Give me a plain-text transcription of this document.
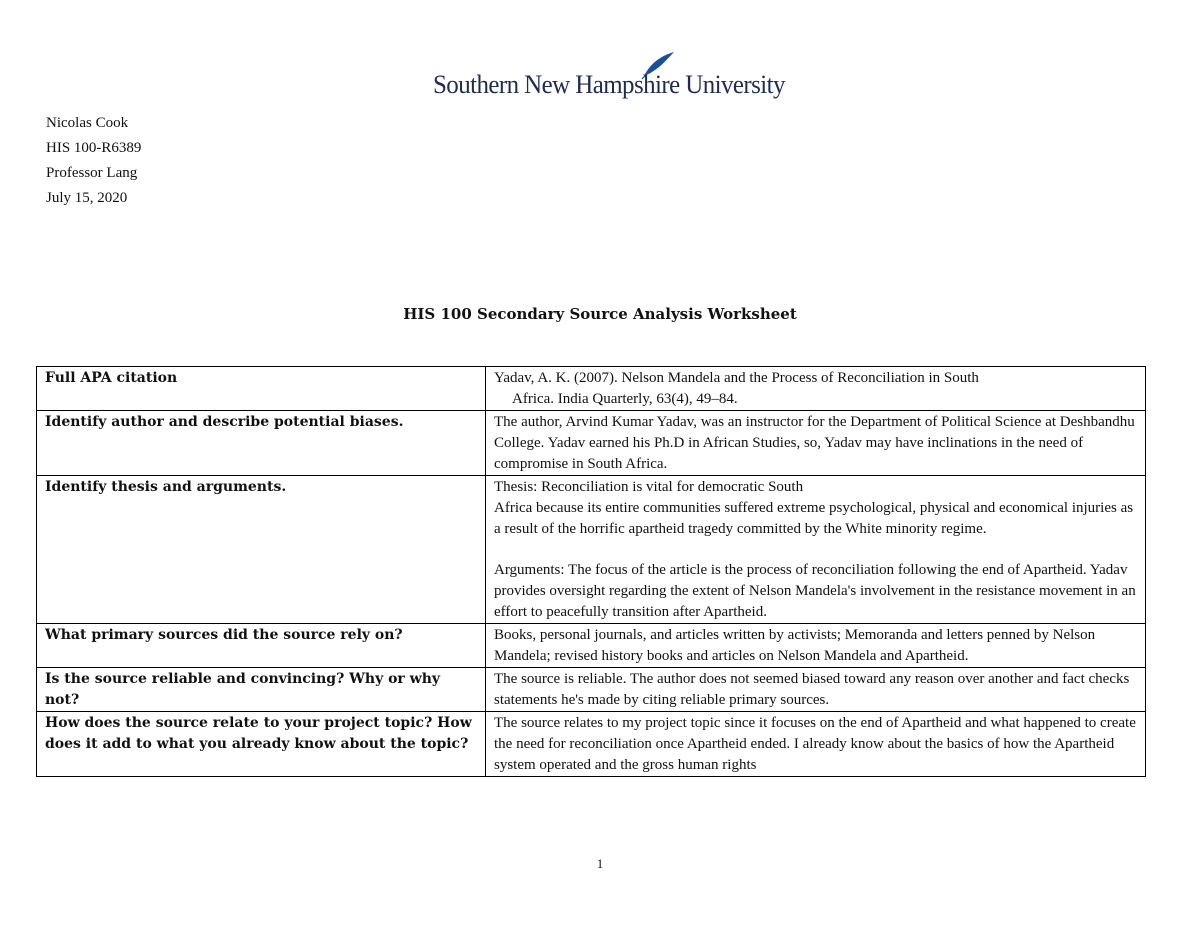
Southern New Hampshire University
Nicolas Cook
HIS 100-R6389
Professor Lang
July 15, 2020
HIS 100 Secondary Source Analysis Worksheet
Full APA citation	Yadav, A. K. (2007). Nelson Mandela and the Process of Reconciliation in South
Africa. India Quarterly, 63(4), 49–84.

Identify author and describe potential biases.	The author, Arvind Kumar Yadav, was an instructor for the Department of Political Science at Deshbandhu College. Yadav earned his Ph.D in African Studies, so, Yadav may have inclinations in the need of compromise in South Africa.
Identify thesis and arguments.	Thesis: Reconciliation is vital for democratic South
Africa because its entire communities suffered extreme psychological, physical and economical injuries as a result of the horrific apartheid tragedy committed by the White minority regime.
Arguments: The focus of the article is the process of reconciliation following the end of Apartheid. Yadav provides oversight regarding the extent of Nelson Mandela's involvement in the resistance movement in an effort to peacefully transition after Apartheid.

What primary sources did the source rely on?	Books, personal journals, and articles written by activists; Memoranda and letters penned by Nelson Mandela; revised history books and articles on Nelson Mandela and Apartheid.
Is the source reliable and convincing? Why or why not?	The source is reliable. The author does not seemed biased toward any reason over another and fact checks statements he's made by citing reliable primary sources.
How does the source relate to your project topic? How does it add to what you already know about the topic?	The source relates to my project topic since it focuses on the end of Apartheid and what happened to create the need for reconciliation once Apartheid ended. I already know about the basics of how the Apartheid system operated and the gross human rights
1
